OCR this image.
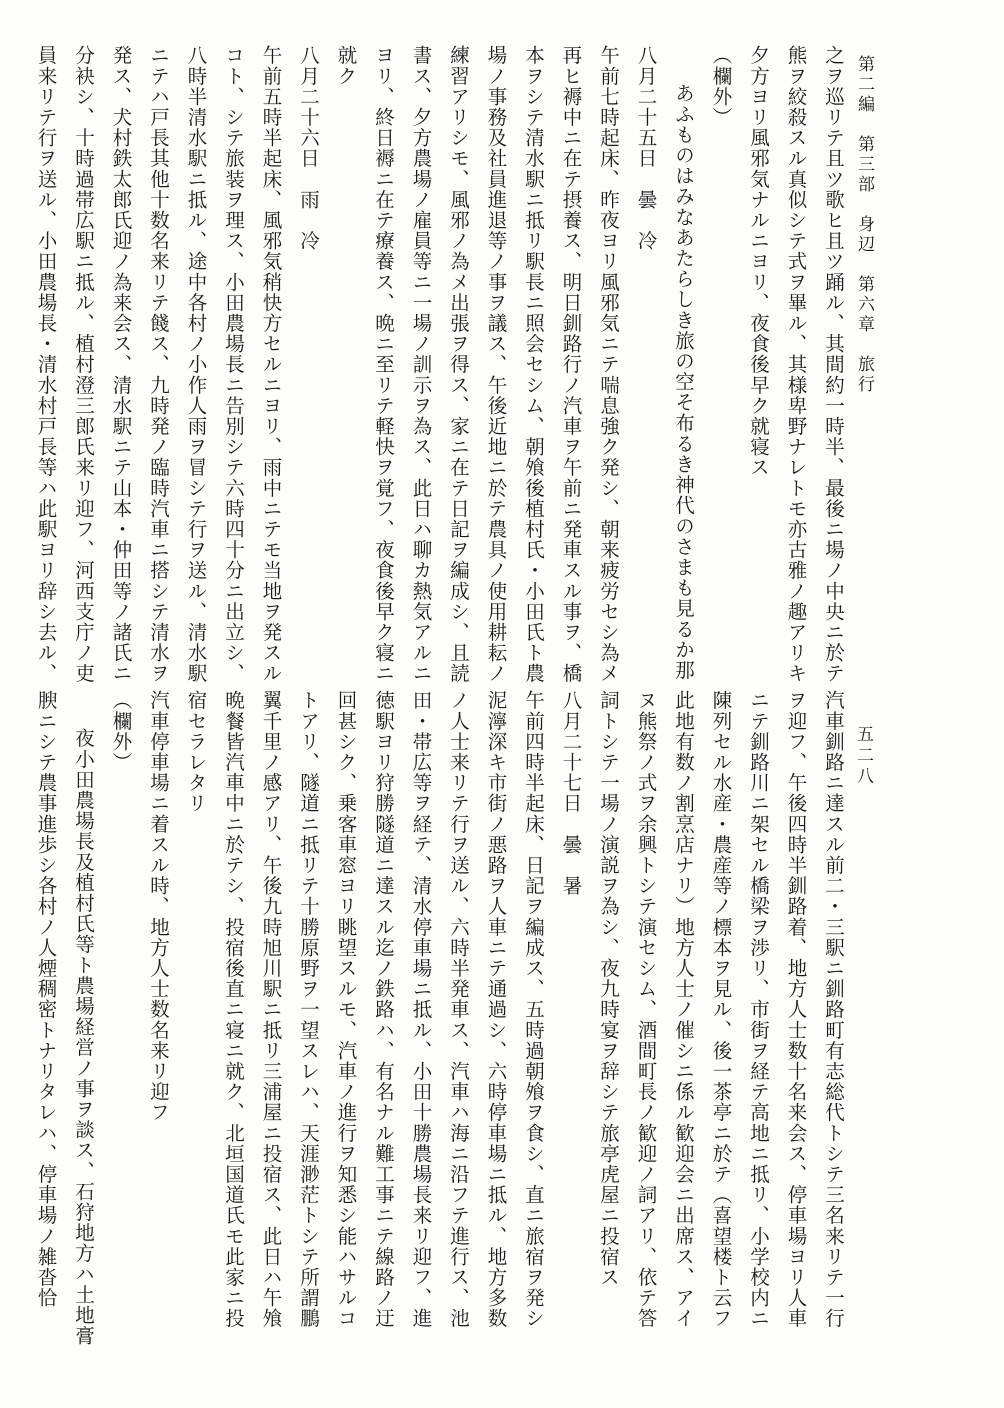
第二編　第三部　身辺　第六章　旅行
五二八
之ヲ巡リテ且ツ歌ヒ且ツ踊ル、其間約一時半、最後ニ場ノ中央ニ於テ
熊ヲ絞殺スル真似シテ式ヲ畢ル、其様卑野ナレトモ亦古雅ノ趣アリキ
夕方ヨリ風邪気ナルニヨリ、夜食後早ク就寝ス
（欄外）
あふものはみなあたらしき旅の空そ布るき神代のさまも見るか那
八月二十五日　曇　冷
午前七時起床、昨夜ヨリ風邪気ニテ喘息強ク発シ、朝来疲労セシ為メ
再ヒ褥中ニ在テ摂養ス、明日釧路行ノ汽車ヲ午前ニ発車スル事ヲ、橋
本ヲシテ清水駅ニ抵リ駅長ニ照会セシム、朝飧後植村氏・小田氏ト農
場ノ事務及社員進退等ノ事ヲ議ス、午後近地ニ於テ農具ノ使用耕耘ノ
練習アリシモ、風邪ノ為メ出張ヲ得ス、家ニ在テ日記ヲ編成シ、且読
書ス、夕方農場ノ雇員等ニ一場ノ訓示ヲ為ス、此日ハ聊カ熱気アルニ
ヨリ、終日褥ニ在テ療養ス、晩ニ至リテ軽快ヲ覚フ、夜食後早ク寝ニ
就ク
八月二十六日　雨　冷
午前五時半起床、風邪気稍快方セルニヨリ、雨中ニテモ当地ヲ発スル
コト、シテ旅装ヲ理ス、小田農場長ニ告別シテ六時四十分ニ出立シ、
八時半清水駅ニ抵ル、途中各村ノ小作人雨ヲ冒シテ行ヲ送ル、清水駅
ニテハ戸長其他十数名来リテ餞ス、九時発ノ臨時汽車ニ搭シテ清水ヲ
発ス、犬村鉄太郎氏迎ノ為来会ス、清水駅ニテ山本・仲田等ノ諸氏ニ
分袂シ、十時過帯広駅ニ抵ル、植村澄三郎氏来リ迎フ、河西支庁ノ吏
員来リテ行ヲ送ル、小田農場長・清水村戸長等ハ此駅ヨリ辞シ去ル、
汽車釧路ニ達スル前二・三駅ニ釧路町有志総代トシテ三名来リテ一行
ヲ迎フ、午後四時半釧路着、地方人士数十名来会ス、停車場ヨリ人車
ニテ釧路川ニ架セル橋梁ヲ渉リ、市街ヲ経テ高地ニ抵リ、小学校内ニ
陳列セル水産・農産等ノ標本ヲ見ル、後一茶亭ニ於テ（喜望楼ト云フ
此地有数ノ割烹店ナリ）地方人士ノ催シニ係ル歓迎会ニ出席ス、アイ
ヌ熊祭ノ式ヲ余興トシテ演セシム、酒間町長ノ歓迎ノ詞アリ、依テ答
詞トシテ一場ノ演説ヲ為シ、夜九時宴ヲ辞シテ旅亭虎屋ニ投宿ス
八月二十七日　曇　暑
午前四時半起床、日記ヲ編成ス、五時過朝飧ヲ食シ、直ニ旅宿ヲ発シ
泥濘深キ市街ノ悪路ヲ人車ニテ通過シ、六時停車場ニ抵ル、地方多数
ノ人士来リテ行ヲ送ル、六時半発車ス、汽車ハ海ニ沿フテ進行ス、池
田・帯広等ヲ経テ、清水停車場ニ抵ル、小田十勝農場長来リ迎フ、進
徳駅ヨリ狩勝隧道ニ達スル迄ノ鉄路ハ、有名ナル難工事ニテ線路ノ迂
回甚シク、乗客車窓ヨリ眺望スルモ、汽車ノ進行ヲ知悉シ能ハサルコ
トアリ、隧道ニ抵リテ十勝原野ヲ一望スレハ、天涯渺茫トシテ所謂鵬
翼千里ノ感アリ、午後九時旭川駅ニ抵リ三浦屋ニ投宿ス、此日ハ午飧
晩餐皆汽車中ニ於テシ、投宿後直ニ寝ニ就ク、北垣国道氏モ此家ニ投
宿セラレタリ
汽車停車場ニ着スル時、地方人士数名来リ迎フ
（欄外）
夜小田農場長及植村氏等ト農場経営ノ事ヲ談ス、石狩地方ハ土地膏
腴ニシテ農事進歩シ各村ノ人煙稠密トナリタレハ、停車場ノ雑沓恰
